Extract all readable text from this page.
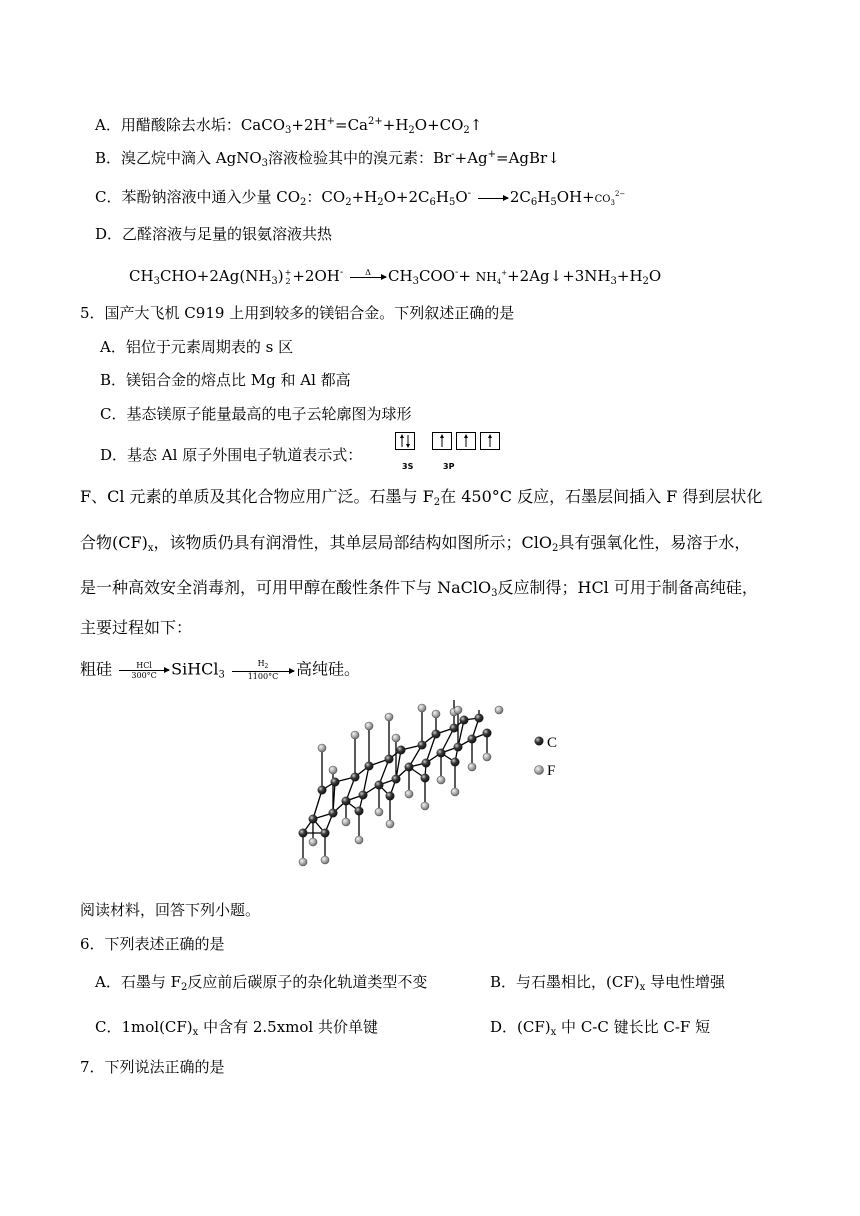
A．用醋酸除去水垢：$CaCO_3+2H^+=Ca^{2+}+H_2O+CO_2↑$
B．溴乙烷中滴入 AgNO$_3$溶液检验其中的溴元素：Br-+Ag+=AgBr↓
C．苯酚钠溶液中通入少量 $CO_2$：$CO_2+H_2O+2C_6H_5O^-$	$2C_6H_5OH+CO_3^{2-}$
D．乙醛溶液与足量的银氨溶液共热
$CH_3CHO+2Ag(NH_3)$ +
2 +2OH-	Δ
	$CH_3COO^-+$ $NH_4^++2Ag↓+3NH_3+H_2O$
5．国产大飞机 C919 上用到较多的镁铝合金。下列叙述正确的是
A．铝位于元素周期表的 s 区
B．镁铝合金的熔点比 Mg 和 Al 都高
C．基态镁原子能量最高的电子云轮廓图为球形
D．基态 Al 原子外围电子轨道表示式：
3S	3P
F、Cl 元素的单质及其化合物应用广泛。石墨与 $F_2$在 450°C 反应，石墨层间插入 F 得到层状化
合物$(CF)_x$，该物质仍具有润滑性，其单层局部结构如图所示；ClO$_2$具有强氧化性，易溶于水，
是一种高效安全消毒剂，可用甲醇在酸性条件下与 NaClO$_3$反应制得；HCl 可用于制备高纯硅，
主要过程如下：
粗硅	HCl
300°C SiHCl$_3$ $\frac{H_2}{1100^\circ C}$ 高纯硅。
C
F
阅读材料，回答下列小题。
6．下列表述正确的是
A．石墨与 $F_2$反应前后碳原子的杂化轨道类型不变	B．与石墨相比，$(CF)_x$ 导电性增强
C．$1mol(CF)_x$ 中含有 2.5xmol 共价单键	D．$(CF)_x$ 中 C-C 键长比 C-F 短
7．下列说法正确的是
